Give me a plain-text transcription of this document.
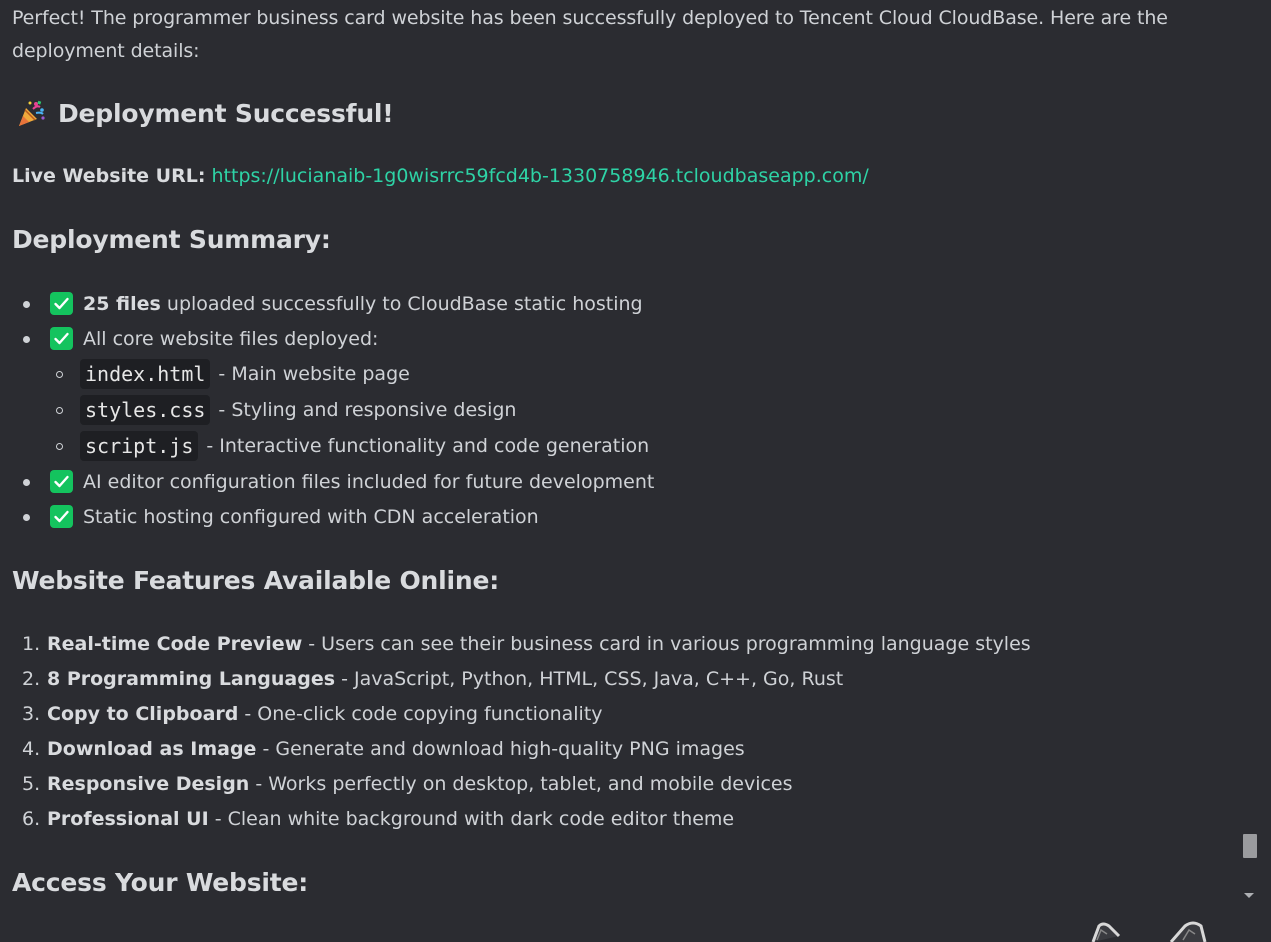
Perfect! The programmer business card website has been successfully deployed to Tencent Cloud CloudBase. Here are the deployment details:

Deployment Successful!
Live Website URL: https://lucianaib-1g0wisrrc59fcd4b-1330758946.tcloudbaseapp.com/
Deployment Summary:
25 files uploaded successfully to CloudBase static hosting
All core website files deployed:
index.html - Main website page
styles.css - Styling and responsive design
script.js - Interactive functionality and code generation
AI editor configuration files included for future development
Static hosting configured with CDN acceleration
Website Features Available Online:
1. Real-time Code Preview - Users can see their business card in various programming language styles
2. 8 Programming Languages - JavaScript, Python, HTML, CSS, Java, C++, Go, Rust
3. Copy to Clipboard - One-click code copying functionality
4. Download as Image - Generate and download high-quality PNG images
5. Responsive Design - Works perfectly on desktop, tablet, and mobile devices
6. Professional UI - Clean white background with dark code editor theme
Access Your Website:
